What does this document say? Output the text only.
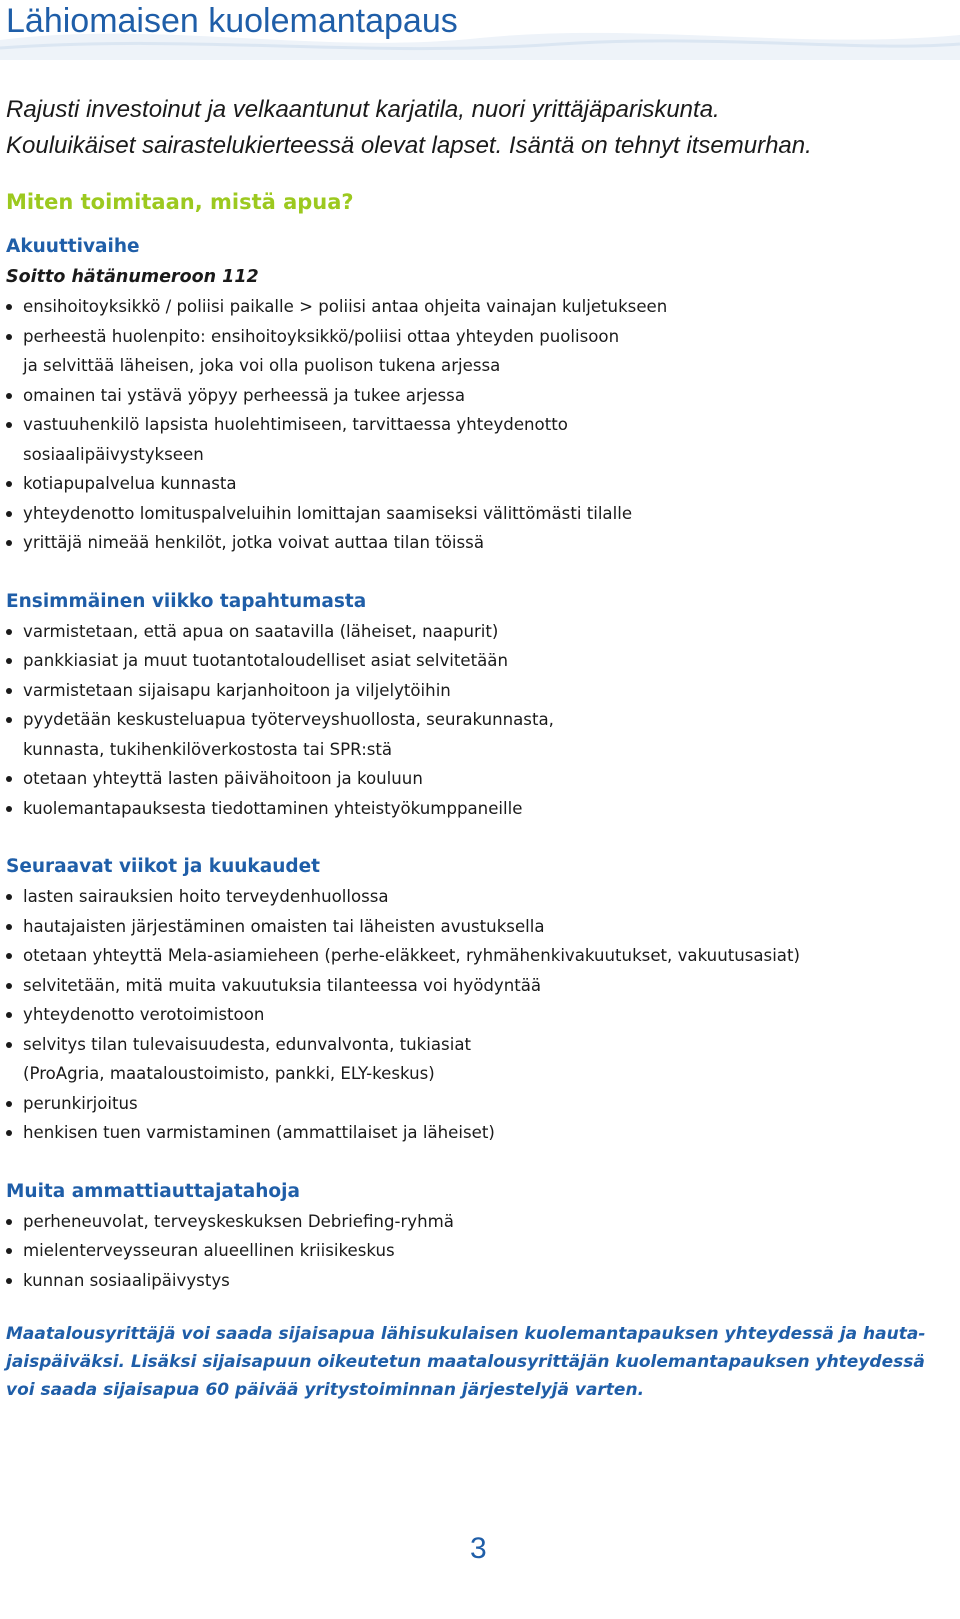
Lähiomaisen kuolemantapaus

Rajusti investoinut ja velkaantunut karjatila, nuori yrittäjäpariskunta.
Kouluikäiset sairastelukierteessä olevat lapset. Isäntä on tehnyt itsemurhan.

Miten toimitaan, mistä apua?

Akuuttivaihe

Soitto hätänumeroon 112

ensihoitoyksikkö / poliisi paikalle > poliisi antaa ohjeita vainajan kuljetukseen
perheestä huolenpito: ensihoitoyksikkö/poliisi ottaa yhteyden puolisoon
ja selvittää läheisen, joka voi olla puolison tukena arjessa
omainen tai ystävä yöpyy perheessä ja tukee arjessa
vastuuhenkilö lapsista huolehtimiseen, tarvittaessa yhteydenotto
sosiaalipäivystykseen
kotiapupalvelua kunnasta
yhteydenotto lomituspalveluihin lomittajan saamiseksi välittömästi tilalle
yrittäjä nimeää henkilöt, jotka voivat auttaa tilan töissä

Ensimmäinen viikko tapahtumasta

varmistetaan, että apua on saatavilla (läheiset, naapurit)
pankkiasiat ja muut tuotantotaloudelliset asiat selvitetään
varmistetaan sijaisapu karjanhoitoon ja viljelytöihin
pyydetään keskusteluapua työterveyshuollosta, seurakunnasta,
kunnasta, tukihenkilöverkostosta tai SPR:stä
otetaan yhteyttä lasten päivähoitoon ja kouluun
kuolemantapauksesta tiedottaminen yhteistyökumppaneille

Seuraavat viikot ja kuukaudet

lasten sairauksien hoito terveydenhuollossa
hautajaisten järjestäminen omaisten tai läheisten avustuksella
otetaan yhteyttä Mela-asiamieheen (perhe-eläkkeet, ryhmähenkivakuutukset, vakuutusasiat)
selvitetään, mitä muita vakuutuksia tilanteessa voi hyödyntää
yhteydenotto verotoimistoon
selvitys tilan tulevaisuudesta, edunvalvonta, tukiasiat
(ProAgria, maataloustoimisto, pankki, ELY-keskus)
perunkirjoitus
henkisen tuen varmistaminen (ammattilaiset ja läheiset)

Muita ammattiauttajatahoja

perheneuvolat, terveyskeskuksen Debriefing-ryhmä
mielenterveysseuran alueellinen kriisikeskus
kunnan sosiaalipäivystys

Maatalousyrittäjä voi saada sijaisapua lähisukulaisen kuolemantapauksen yhteydessä ja hauta-
jaispäiväksi. Lisäksi sijaisapuun oikeutetun maatalousyrittäjän kuolemantapauksen yhteydessä
voi saada sijaisapua 60 päivää yritystoiminnan järjestelyjä varten.

3
